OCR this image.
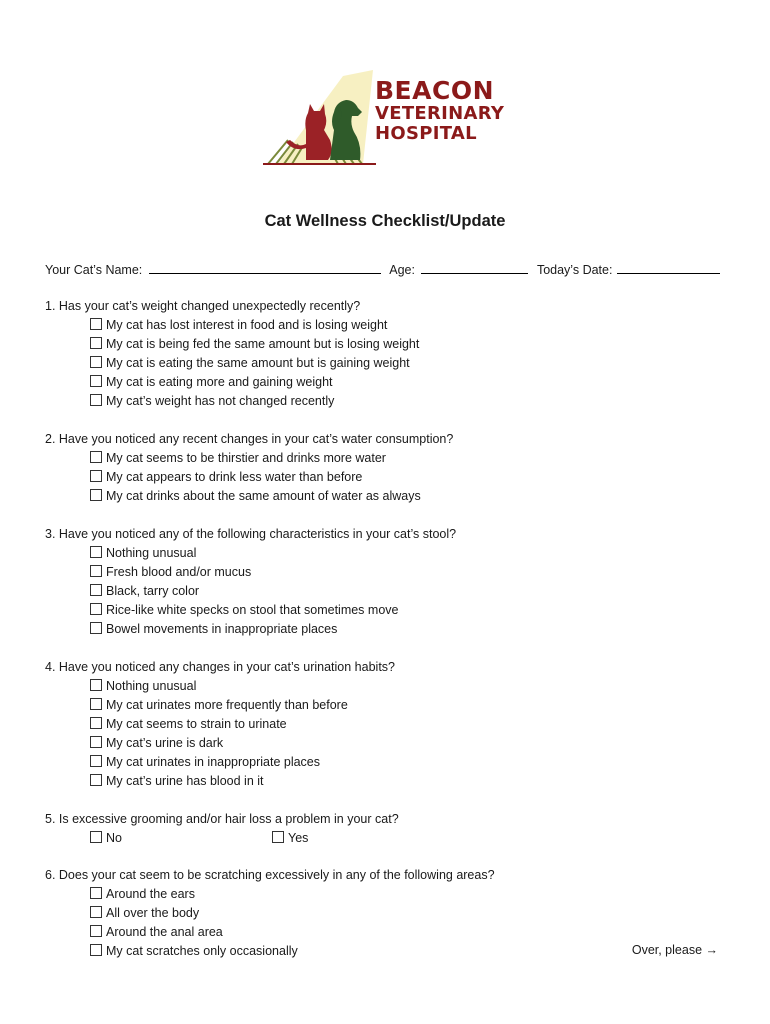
BEACON
VETERINARY
HOSPITAL
Cat Wellness Checklist/Update
Your Cat’s Name:	Age:	Today’s Date:
1. Has your cat’s weight changed unexpectedly recently?
My cat has lost interest in food and is losing weight
My cat is being fed the same amount but is losing weight
My cat is eating the same amount but is gaining weight
My cat is eating more and gaining weight
My cat’s weight has not changed recently
2. Have you noticed any recent changes in your cat’s water consumption?
My cat seems to be thirstier and drinks more water
My cat appears to drink less water than before
My cat drinks about the same amount of water as always
3. Have you noticed any of the following characteristics in your cat’s stool?
Nothing unusual
Fresh blood and/or mucus
Black, tarry color
Rice-like white specks on stool that sometimes move
Bowel movements in inappropriate places
4. Have you noticed any changes in your cat’s urination habits?
Nothing unusual
My cat urinates more frequently than before
My cat seems to strain to urinate
My cat’s urine is dark
My cat urinates in inappropriate places
My cat’s urine has blood in it
5. Is excessive grooming and/or hair loss a problem in your cat?
No	Yes
6. Does your cat seem to be scratching excessively in any of the following areas?
Around the ears
All over the body
Around the anal area
My cat scratches only occasionally	Over, please →
